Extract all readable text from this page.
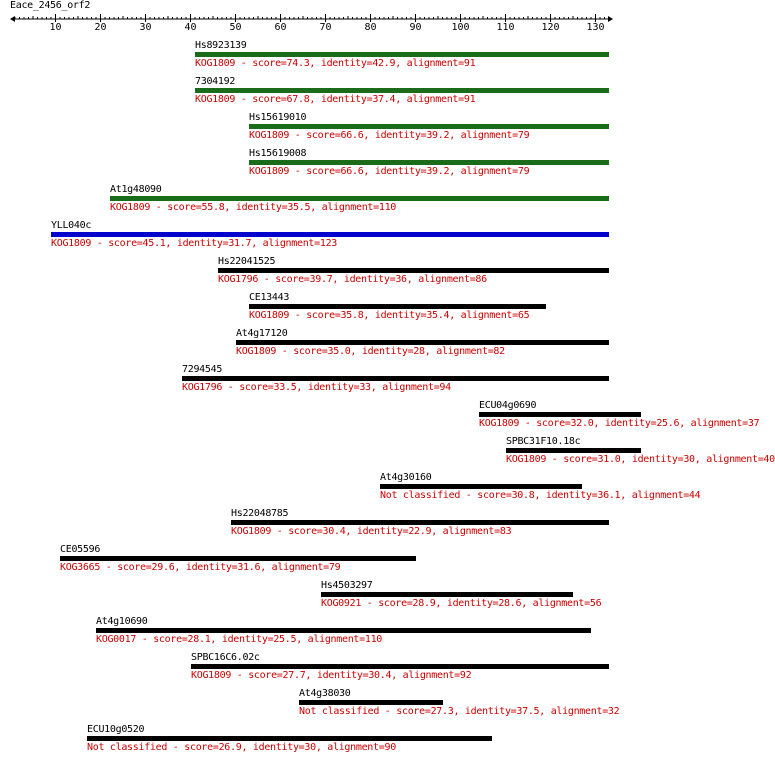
Eace_2456_orf2
10	20	30	40	50	60	70	80	90	100	110	120	130
Hs8923139
KOG1809 - score=74.3, identity=42.9, alignment=91
7304192
KOG1809 - score=67.8, identity=37.4, alignment=91
Hs15619010
KOG1809 - score=66.6, identity=39.2, alignment=79
Hs15619008
KOG1809 - score=66.6, identity=39.2, alignment=79
At1g48090
KOG1809 - score=55.8, identity=35.5, alignment=110
YLL040c
KOG1809 - score=45.1, identity=31.7, alignment=123
Hs22041525
KOG1796 - score=39.7, identity=36, alignment=86
CE13443
KOG1809 - score=35.8, identity=35.4, alignment=65
At4g17120
KOG1809 - score=35.0, identity=28, alignment=82
7294545
KOG1796 - score=33.5, identity=33, alignment=94
ECU04g0690
KOG1809 - score=32.0, identity=25.6, alignment=37
SPBC31F10.18c
KOG1809 - score=31.0, identity=30, alignment=40
At4g30160
Not classified - score=30.8, identity=36.1, alignment=44
Hs22048785
KOG1809 - score=30.4, identity=22.9, alignment=83
CE05596
KOG3665 - score=29.6, identity=31.6, alignment=79
Hs4503297
KOG0921 - score=28.9, identity=28.6, alignment=56
At4g10690
KOG0017 - score=28.1, identity=25.5, alignment=110
SPBC16C6.02c
KOG1809 - score=27.7, identity=30.4, alignment=92
At4g38030
Not classified - score=27.3, identity=37.5, alignment=32
ECU10g0520
Not classified - score=26.9, identity=30, alignment=90
